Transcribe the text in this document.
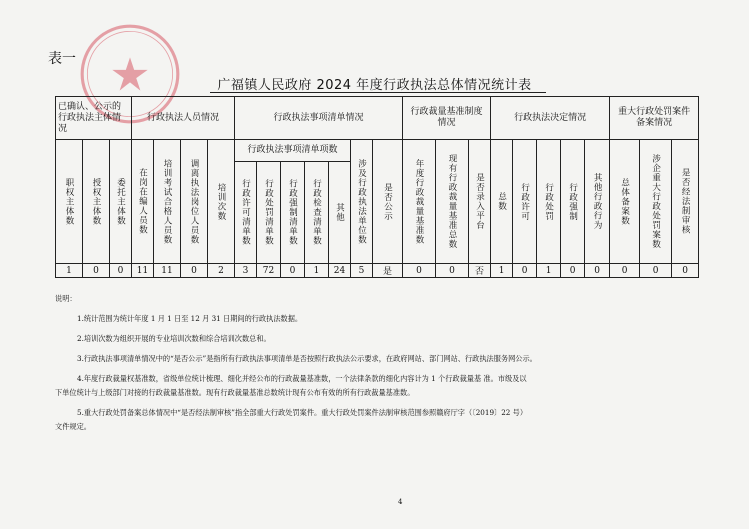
表一
广福镇人民政府 2024 年度行政执法总体情况统计表
已确认、公示的行政执法主体情况			行政执法人员情况				行政执法事项清单情况							行政裁量基准制度情况			行政执法决定情况					重大行政处罚案件备案情况		

职权主体数	授权主体数	委托主体数	在岗在编人员数	培训考试合格人员数	调离执法岗位人员数	培训次数	行政执法事项清单项数					涉及行政执法单位数	是否公示	年度行政裁量基准数	现有行政裁量基准总数	是否录入平台	总数	行政许可	行政处罚	行政强制	其他行政行为	总体备案数	涉企重大行政处罚案数	是否经法制审核

							行政许可清单数	行政处罚清单数	行政强制清单数	行政检查清单数	其他													

1	0	0	11	11	0	2	3	72	0	1	24	5	是	0	0	否	1	0	1	0	0	0	0	0

说明：

1.统计范围为统计年度 1 月 1 日至 12 月 31 日期间的行政执法数据。

2.培训次数为组织开展的专业培训次数和综合培训次数总和。

3.行政执法事项清单情况中的“是否公示”是指所有行政执法事项清单是否按照行政执法公示要求，在政府网站、部门网站、行政执法服务网公示。

4.年度行政裁量权基准数，省级单位统计梳理、细化并经公布的行政裁量基准数，一个法律条款的细化内容计为 1 个行政裁量基 准。市级及以

下单位统计与上级部门对接的行政裁量基准数。现有行政裁量基准总数统计现有公布有效的所有行政裁量基准数。

5.重大行政处罚备案总体情况中“是否经法制审核”指全部重大行政处罚案件。重大行政处罚案件法制审核范围参照赣府厅字（〔2019〕22 号）

文件规定。

4
